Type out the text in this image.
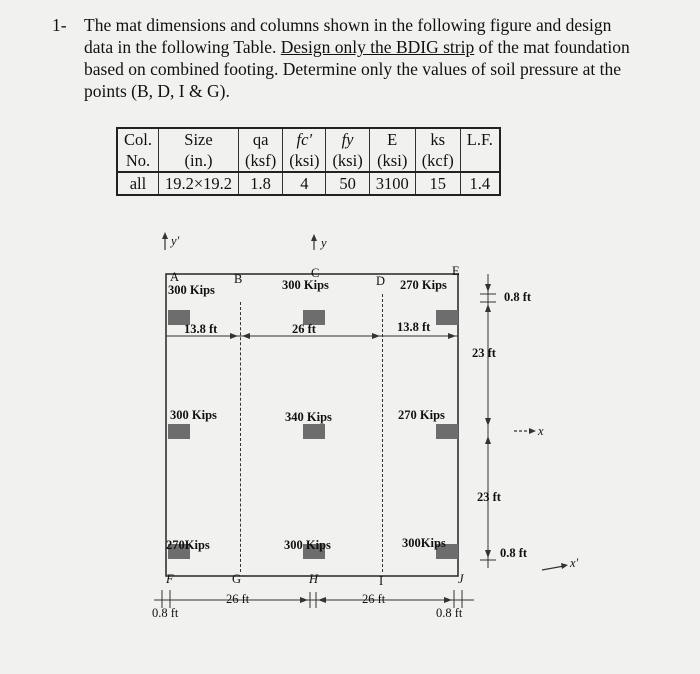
1- The mat dimensions and columns shown in the following figure and design
data in the following Table. Design only the BDIG strip of the mat foundation
based on combined footing. Determine only the values of soil pressure at the
points (B, D, I & G).
Col.	Size	qa	fc′	fy	E	ks	L.F.
No.	(in.)	(ksf)	(ksi)	(ksi)	(ksi)	(kcf)	
all	19.2×19.2	1.8	4	50	3100	15	1.4
y′	y
x
x′
A	B	C
D
E
F	G	H	I	J
300 Kips	300 Kips	270 Kips
300 Kips	340 Kips	270 Kips
270Kips	300 Kips	300Kips
13.8 ft	26 ft	13.8 ft
0.8 ft
23 ft
23 ft
0.8 ft
0.8 ft
26 ft	26 ft
0.8 ft
